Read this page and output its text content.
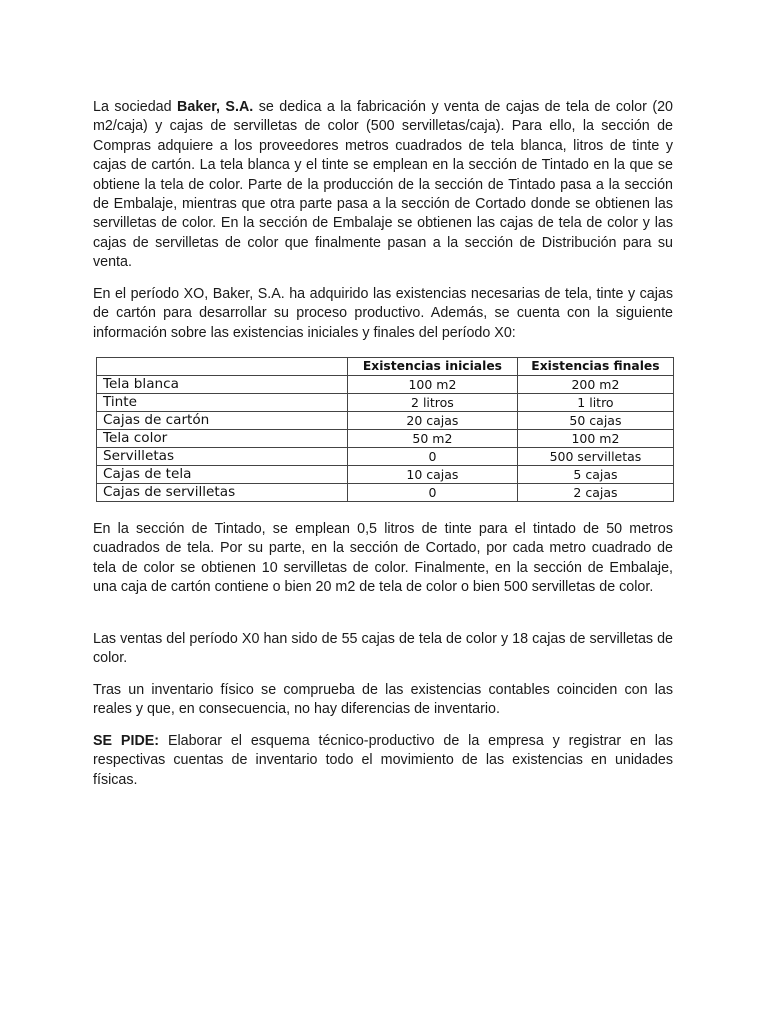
La sociedad Baker, S.A. se dedica a la fabricación y venta de cajas de tela de color (20 m2/caja) y cajas de servilletas de color (500 servilletas/caja). Para ello, la sección de Compras adquiere a los proveedores metros cuadrados de tela blanca, litros de tinte y cajas de cartón. La tela blanca y el tinte se emplean en la sección de Tintado en la que se obtiene la tela de color. Parte de la producción de la sección de Tintado pasa a la sección de Embalaje, mientras que otra parte pasa a la sección de Cortado donde se obtienen las servilletas de color. En la sección de Embalaje se obtienen las cajas de tela de color y las cajas de servilletas de color que finalmente pasan a la sección de Distribución para su venta.

En el período XO, Baker, S.A. ha adquirido las existencias necesarias de tela, tinte y cajas de cartón para desarrollar su proceso productivo. Además, se cuenta con la siguiente información sobre las existencias iniciales y finales del período X0:

	Existencias iniciales	Existencias finales
Tela blanca	100 m2	200 m2
Tinte	2 litros	1 litro
Cajas de cartón	20 cajas	50 cajas
Tela color	50 m2	100 m2
Servilletas	0	500 servilletas
Cajas de tela	10 cajas	5 cajas
Cajas de servilletas	0	2 cajas

En la sección de Tintado, se emplean 0,5 litros de tinte para el tintado de 50 metros cuadrados de tela. Por su parte, en la sección de Cortado, por cada metro cuadrado de tela de color se obtienen 10 servilletas de color. Finalmente, en la sección de Embalaje, una caja de cartón contiene o bien 20 m2 de tela de color o bien 500 servilletas de color.

Las ventas del período X0 han sido de 55 cajas de tela de color y 18 cajas de servilletas de color.

Tras un inventario físico se comprueba de las existencias contables coinciden con las reales y que, en consecuencia, no hay diferencias de inventario.

SE PIDE: Elaborar el esquema técnico-productivo de la empresa y registrar en las respectivas cuentas de inventario todo el movimiento de las existencias en unidades físicas.
